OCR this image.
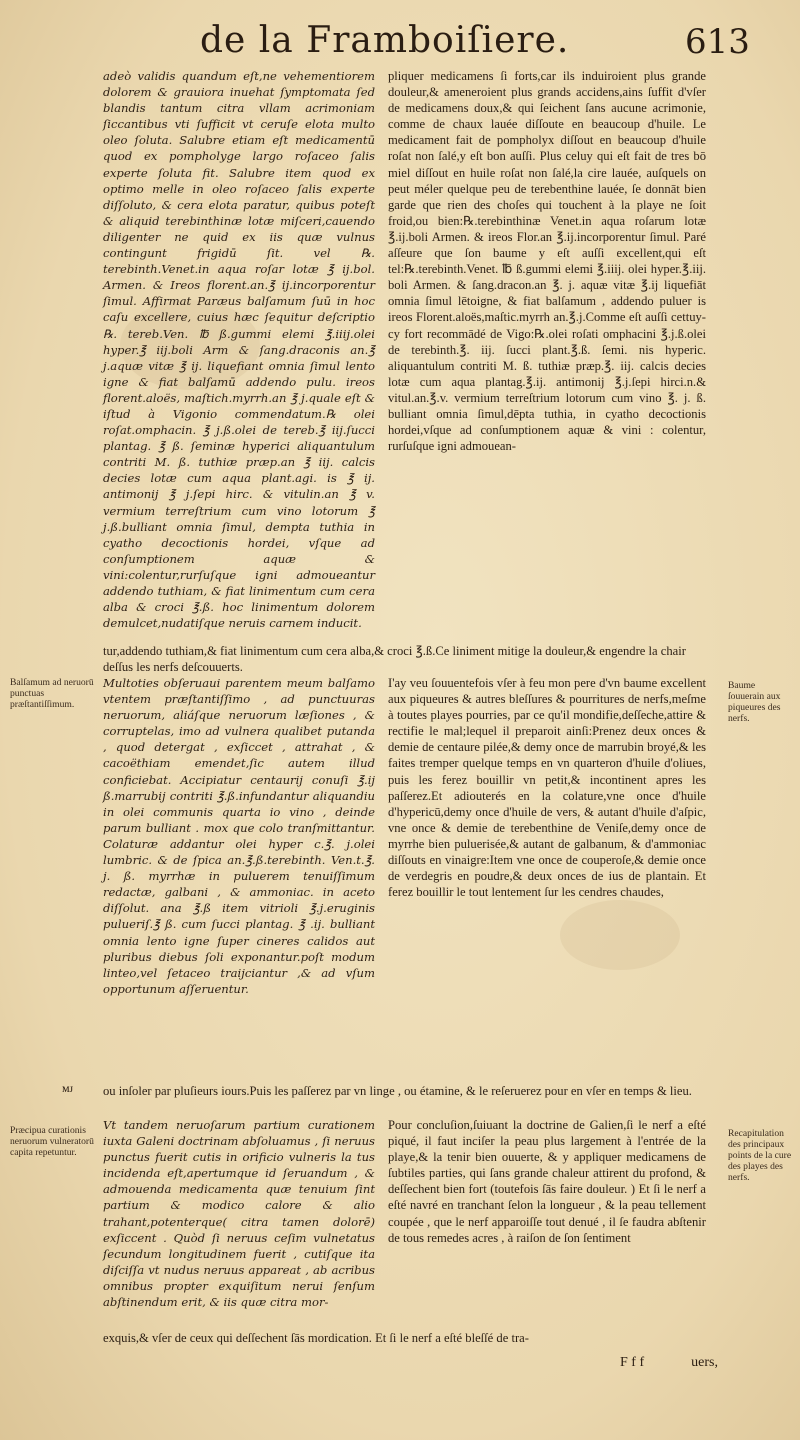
de la Framboiſiere.	613

adeò validis quandum eſt,ne vehementiorem dolorem & grauiora inuehat ſymptomata ſed blandis tantum citra vllam acrimoniam ſiccantibus vti ſufficit vt ceruſe elota multo oleo ſoluta. Salubre etiam eſt medicamentū quod ex pompholyge largo roſaceo ſalis experte ſoluta fit. Salubre item quod ex optimo melle in oleo roſaceo ſalis experte diſſoluto, & cera elota paratur, quibus poteſt & aliquid terebinthinæ lotæ miſceri,cauendo diligenter ne quid ex iis quæ vulnus contingunt frigidū ſit. vel ℞. terebinth.Venet.in aqua roſar lotæ ℥ ij.bol. Armen. & Ireos florent.an.℥ ij.incorporentur ſimul. Affirmat Paræus balſamum ſuū in hoc caſu excellere, cuius hæc ſequitur deſcriptio ℞. tereb.Ven. ℔ ß.gummi elemi ℥.iiij.olei hyper.℥ iij.boli Arm & ſang.draconis an.℥ j.aquæ vitæ ℥ ij. liquefiant omnia ſimul lento igne & fiat balſamū addendo pulu. ireos florent.aloës, maſtich.myrrh.an ℥ j.quale eſt & iſtud à Vigonio commendatum.℞ olei roſat.omphacin. ℥ j.ß.olei de tereb.℥ iij.ſucci plantag. ℥ ß. ſeminæ hyperici aliquantulum contriti M. ß. tuthiæ præp.an ℥ iij. calcis decies lotæ cum aqua plant.agi. is ℥ ij. antimonij ℥ j.ſepi hirc. & vitulin.an ℥ v. vermium terreſtrium cum vino lotorum ℥ j.ß.bulliant omnia ſimul, dempta tuthia in cyatho decoctionis hordei, vſque ad conſumptionem aquæ & vini:colentur,rurſuſque igni admoueantur addendo tuthiam, & fiat linimentum cum cera alba & croci ℥.ß. hoc linimentum dolorem demulcet,nudatiſque neruis carnem inducit.

pliquer medicamens ſi forts,car ils induiroient plus grande douleur,& ameneroient plus grands accidens,ains ſuffit d'vſer de medicamens doux,& qui ſeichent ſans aucune acrimonie, comme de chaux lauée diſſoute en beaucoup d'huile. Le medicament fait de pompholyx diſſout en beaucoup d'huile roſat non ſalé,y eſt bon auſſi. Plus celuy qui eſt fait de tres bō miel diſſout en huile roſat non ſalé,la cire lauée, auſquels on peut méler quelque peu de terebenthine lauée, ſe donnāt bien garde que rien des choſes qui touchent à la playe ne ſoit froid,ou bien:℞.terebinthinæ Venet.in aqua roſarum lotæ ℥.ij.boli Armen. & ireos Flor.an ℥.ij.incorporentur ſimul. Paré aſſeure que ſon baume y eſt auſſi excellent,qui eſt tel:℞.terebinth.Venet. ℔ ß.gummi elemi ℥.iiij. olei hyper.℥.iij. boli Armen. & ſang.dracon.an ℥. j. aquæ vitæ ℥.ij liquefiāt omnia ſimul lētoigne, & fiat balſamum , addendo puluer is ireos Florent.aloës,maſtic.myrrh an.℥.j.Comme eſt auſſi cettuy-cy fort recommādé de Vigo:℞.olei roſati omphacini ℥.j.ß.olei de terebinth.℥. iij. ſucci plant.℥.ß. ſemi. nis hyperic. aliquantulum contriti M. ß. tuthiæ præp.℥. iij. calcis decies lotæ cum aqua plantag.℥.ij. antimonij ℥.j.ſepi hirci.n.& vitul.an.℥.v. vermium terreſtrium lotorum cum vino ℥. j. ß. bulliant omnia ſimul,dēpta tuthia, in cyatho decoctionis hordei,vſque ad conſumptionem aquæ & vini : colentur, rurſuſque igni admouean-

tur,addendo tuthiam,& fiat linimentum cum cera alba,& croci ℥.ß.Ce liniment mitige la douleur,& engendre la chair deſſus les nerfs deſcouuerts.

Balſamum ad neruorū punctuas præſtantiſſimum.
Baume ſouuerain aux piqueures des nerfs.

Multoties obſeruaui parentem meum balſamo vtentem præſtantiſſimo , ad punctuuras neruorum, aliáſque neruorum læſiones , & corruptelas, imo ad vulnera qualibet putanda , quod detergat , exſiccet , attrahat , & cacoëthiam emendet,ſic autem illud conficiebat. Accipiatur centaurij conuſi ℥.ij ß.marrubij contriti ℥.ß.infundantur aliquandiu in olei communis quarta io vino , deinde parum bulliant . mox que colo tranſmittantur. Colaturæ addantur olei hyper c.℥. j.olei lumbric. & de ſpica an.℥.ß.terebinth. Ven.t.℥. j. ß. myrrhæ in puluerem tenuiſſimum redactæ, galbani , & ammoniac. in aceto diſſolut. ana ℥.ß item vitrioli ℥.j.eruginis pulueriſ.℥ ß. cum ſucci plantag. ℥ .ij. bulliant omnia lento igne ſuper cineres calidos aut pluribus diebus ſoli exponantur.poſt modum linteo,vel ſetaceo traijciantur ,& ad vſum opportunum aſſeruentur.

I'ay veu ſouuentefois vſer à feu mon pere d'vn baume excellent aux piqueures & autres bleſſures & pourritures de nerfs,meſme à toutes playes pourries, par ce qu'il mondifie,deſſeche,attire & rectifie le mal;lequel il preparoit ainſi:Prenez deux onces & demie de centaure pilée,& demy once de marrubin broyé,& les faites tremper quelque temps en vn quarteron d'huile d'oliues, puis les ferez bouillir vn petit,& incontinent apres les paſſerez.Et adiouterés en la colature,vne once d'huile d'hypericū,demy once d'huile de vers, & autant d'huile d'aſpic, vne once & demie de terebenthine de Veniſe,demy once de myrrhe bien puluerisée,& autant de galbanum, & d'ammoniac diſſouts en vinaigre:Item vne once de couperoſe,& demie once de verdegris en poudre,& deux onces de ius de plantain. Et ferez bouillir le tout lentement ſur les cendres chaudes,

ᴍᴊ ou inſoler par pluſieurs iours.Puis les paſſerez par vn linge , ou étamine, & le reſeruerez pour en vſer en temps & lieu.

Præcipua curationis neruorum vulneratorū capita repetuntur.
Recapitulation des principaux points de la cure des playes des nerfs.

Vt tandem neruoſarum partium curationem iuxta Galeni doctrinam abſoluamus , ſi neruus punctus fuerit cutis in orificio vulneris la tus incidenda eſt,apertumque id ſeruandum , & admouenda medicamenta quæ tenuium ſint partium & modico calore & alio trahant,potenterque( citra tamen dolorē) exſiccent . Quòd ſi neruus ceſim vulnetatus ſecundum longitudinem fuerit , cutiſque ita diſciſſa vt nudus neruus appareat , ab acribus omnibus propter exquiſitum nerui ſenſum abſtinendum erit, & iis quæ citra mor-

Pour concluſion,ſuiuant la doctrine de Galien,ſi le nerf a eſté piqué, il faut inciſer la peau plus largement à l'entrée de la playe,& la tenir bien ouuerte, & y appliquer medicamens de ſubtiles parties, qui ſans grande chaleur attirent du profond, & deſſechent bien fort (toutefois ſās faire douleur. ) Et ſi le nerf a eſté navré en tranchant ſelon la longueur , & la peau tellement coupée , que le nerf apparoiſſe tout denué , il ſe faudra abſtenir de tous remedes acres , à raiſon de ſon ſentiment

exquis,& vſer de ceux qui deſſechent ſās mordication. Et ſi le nerf a eſté bleſſé de tra-

F f f	uers,
